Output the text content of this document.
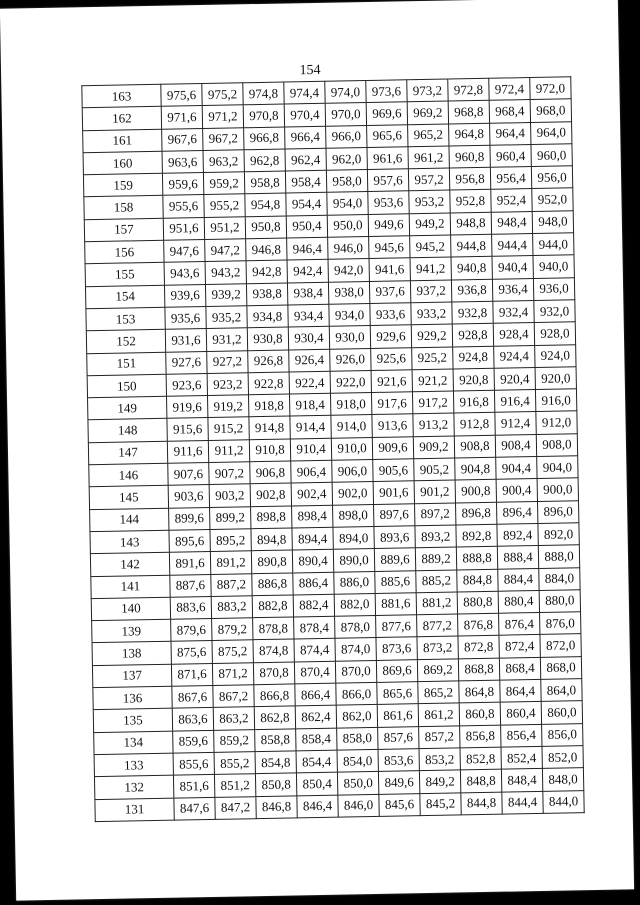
154
163	975,6	975,2	974,8	974,4	974,0	973,6	973,2	972,8	972,4	972,0
162	971,6	971,2	970,8	970,4	970,0	969,6	969,2	968,8	968,4	968,0
161	967,6	967,2	966,8	966,4	966,0	965,6	965,2	964,8	964,4	964,0
160	963,6	963,2	962,8	962,4	962,0	961,6	961,2	960,8	960,4	960,0
159	959,6	959,2	958,8	958,4	958,0	957,6	957,2	956,8	956,4	956,0
158	955,6	955,2	954,8	954,4	954,0	953,6	953,2	952,8	952,4	952,0
157	951,6	951,2	950,8	950,4	950,0	949,6	949,2	948,8	948,4	948,0
156	947,6	947,2	946,8	946,4	946,0	945,6	945,2	944,8	944,4	944,0
155	943,6	943,2	942,8	942,4	942,0	941,6	941,2	940,8	940,4	940,0
154	939,6	939,2	938,8	938,4	938,0	937,6	937,2	936,8	936,4	936,0
153	935,6	935,2	934,8	934,4	934,0	933,6	933,2	932,8	932,4	932,0
152	931,6	931,2	930,8	930,4	930,0	929,6	929,2	928,8	928,4	928,0
151	927,6	927,2	926,8	926,4	926,0	925,6	925,2	924,8	924,4	924,0
150	923,6	923,2	922,8	922,4	922,0	921,6	921,2	920,8	920,4	920,0
149	919,6	919,2	918,8	918,4	918,0	917,6	917,2	916,8	916,4	916,0
148	915,6	915,2	914,8	914,4	914,0	913,6	913,2	912,8	912,4	912,0
147	911,6	911,2	910,8	910,4	910,0	909,6	909,2	908,8	908,4	908,0
146	907,6	907,2	906,8	906,4	906,0	905,6	905,2	904,8	904,4	904,0
145	903,6	903,2	902,8	902,4	902,0	901,6	901,2	900,8	900,4	900,0
144	899,6	899,2	898,8	898,4	898,0	897,6	897,2	896,8	896,4	896,0
143	895,6	895,2	894,8	894,4	894,0	893,6	893,2	892,8	892,4	892,0
142	891,6	891,2	890,8	890,4	890,0	889,6	889,2	888,8	888,4	888,0
141	887,6	887,2	886,8	886,4	886,0	885,6	885,2	884,8	884,4	884,0
140	883,6	883,2	882,8	882,4	882,0	881,6	881,2	880,8	880,4	880,0
139	879,6	879,2	878,8	878,4	878,0	877,6	877,2	876,8	876,4	876,0
138	875,6	875,2	874,8	874,4	874,0	873,6	873,2	872,8	872,4	872,0
137	871,6	871,2	870,8	870,4	870,0	869,6	869,2	868,8	868,4	868,0
136	867,6	867,2	866,8	866,4	866,0	865,6	865,2	864,8	864,4	864,0
135	863,6	863,2	862,8	862,4	862,0	861,6	861,2	860,8	860,4	860,0
134	859,6	859,2	858,8	858,4	858,0	857,6	857,2	856,8	856,4	856,0
133	855,6	855,2	854,8	854,4	854,0	853,6	853,2	852,8	852,4	852,0
132	851,6	851,2	850,8	850,4	850,0	849,6	849,2	848,8	848,4	848,0
131	847,6	847,2	846,8	846,4	846,0	845,6	845,2	844,8	844,4	844,0
